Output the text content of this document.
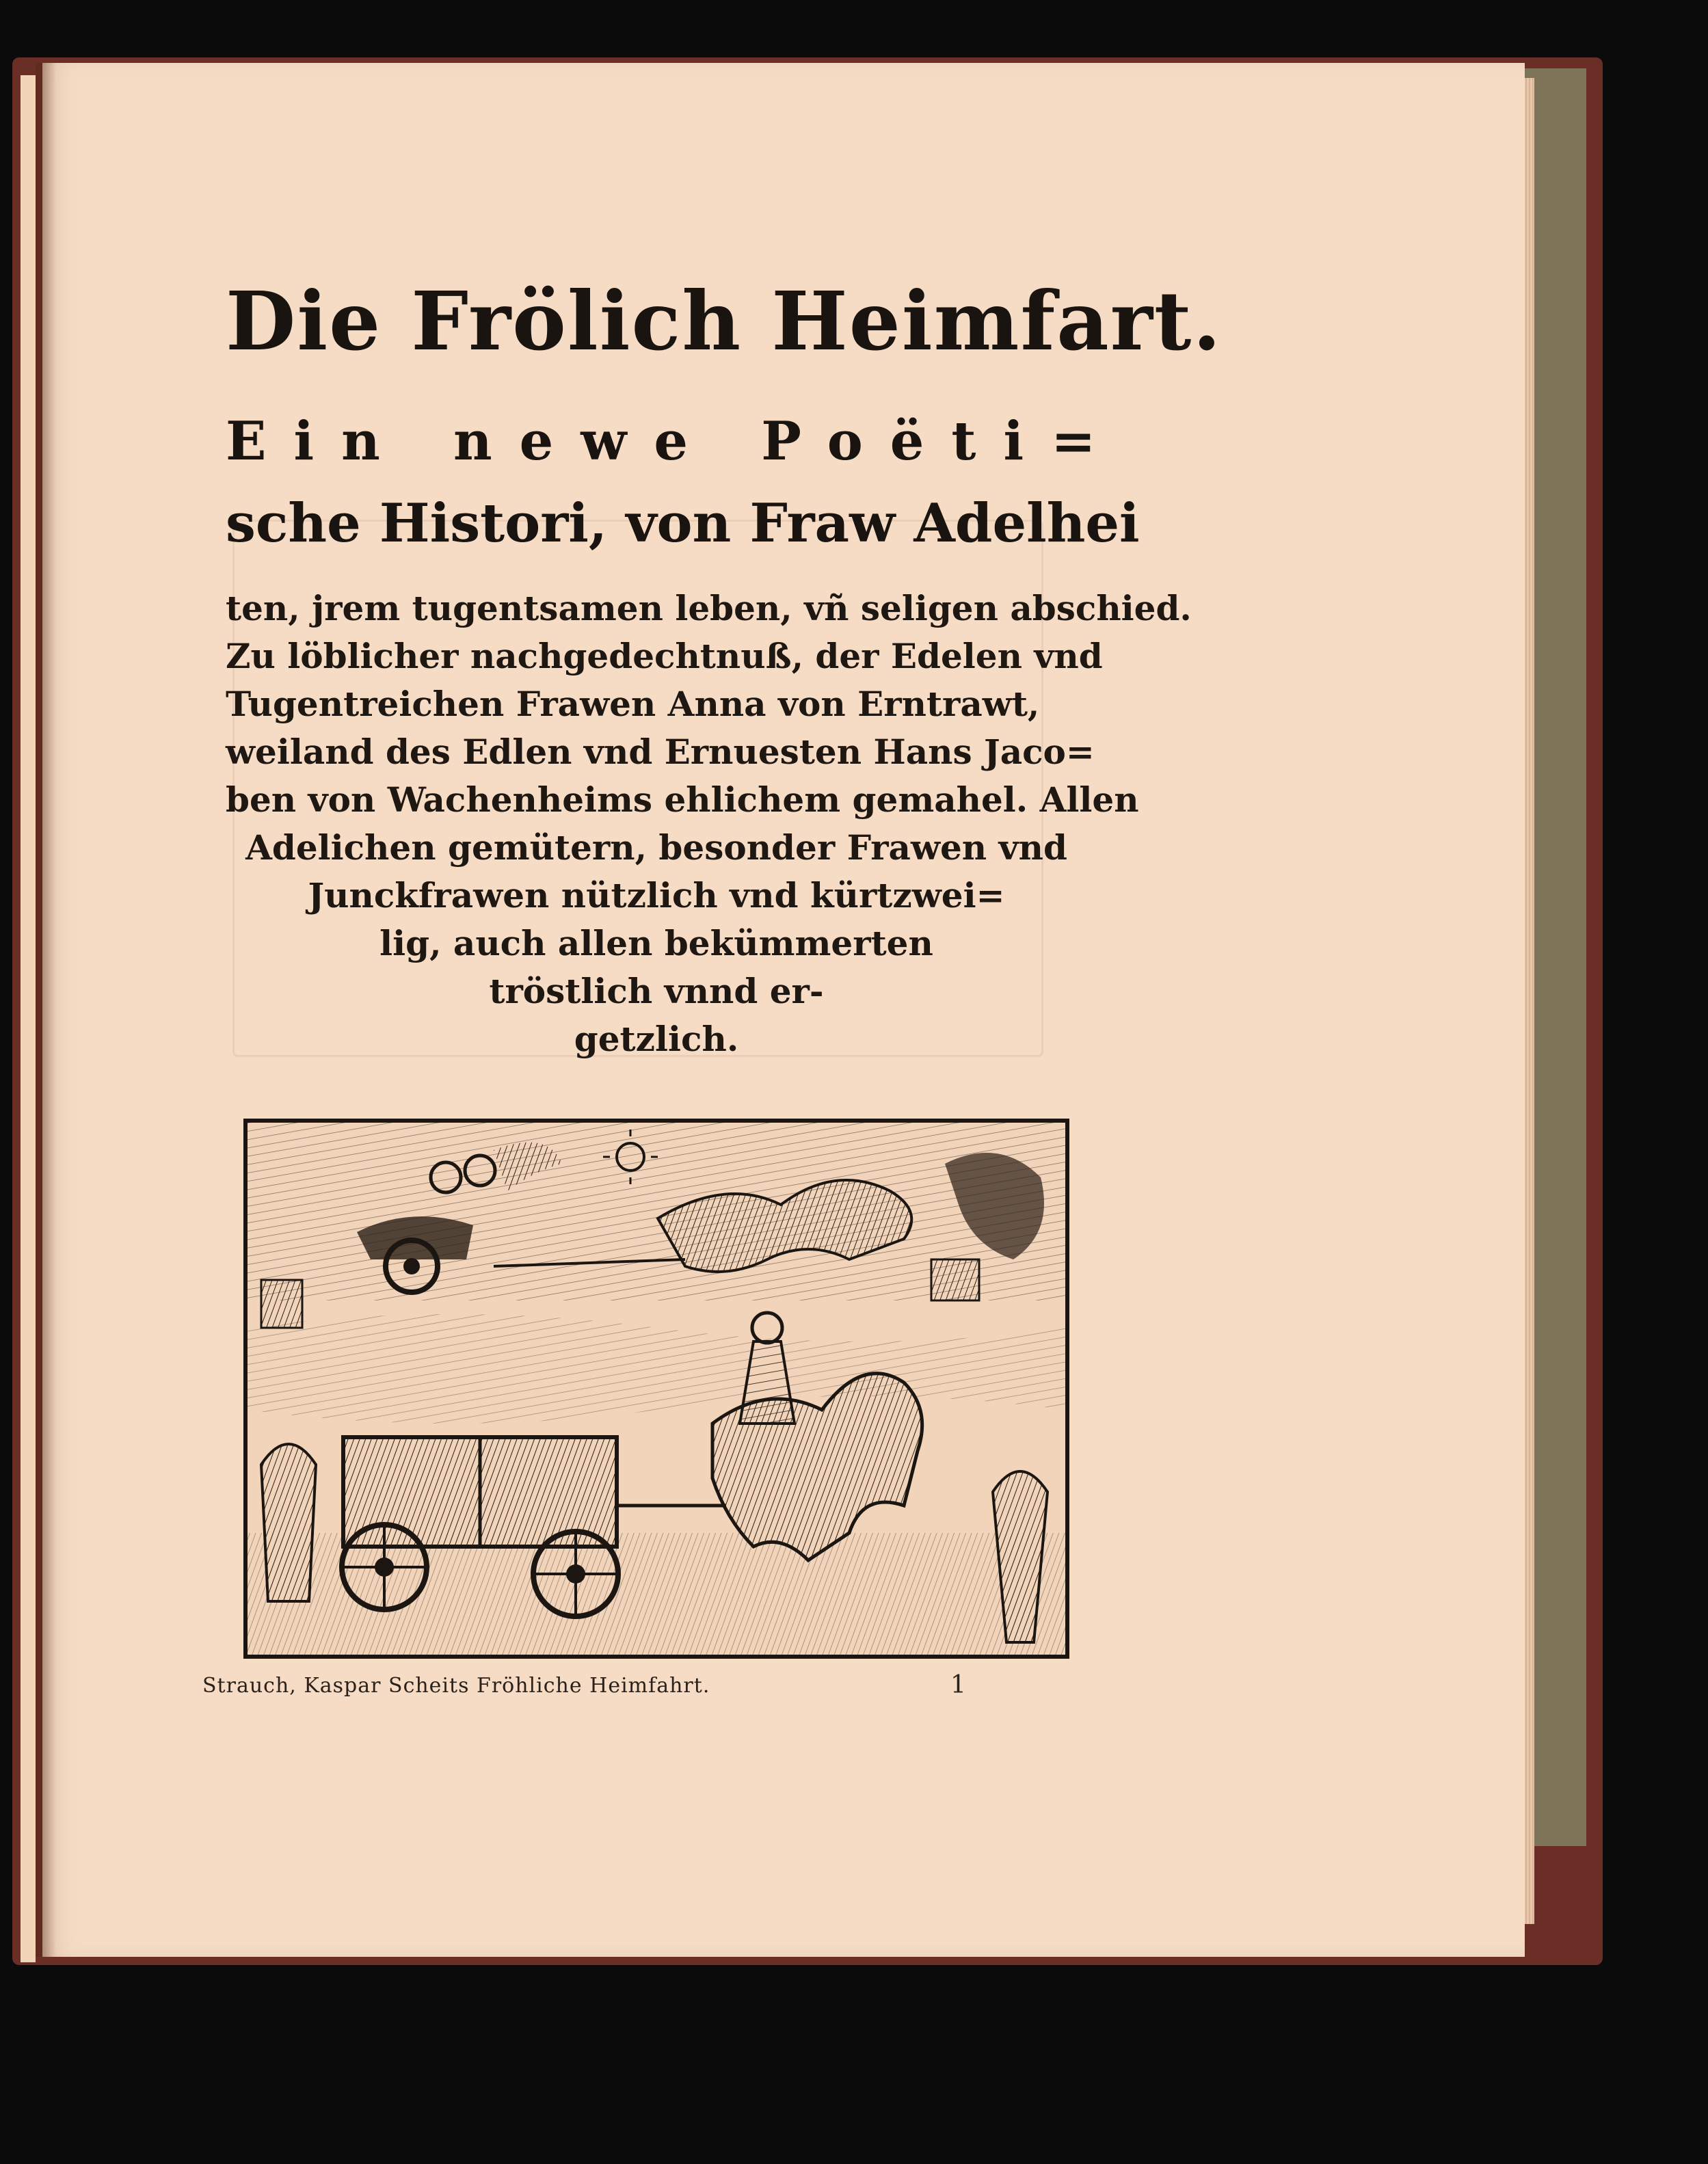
Die Frölich Heimfart.
Ein newe Poëti=
sche Histori, von Fraw Adelhei
ten, jrem tugentsamen leben, vñ seligen abschied.
Zu löblicher nachgedechtnuß, der Edelen vnd
Tugentreichen Frawen Anna von Erntrawt,
weiland des Edlen vnd Ernuesten Hans Jaco=
ben von Wachenheims ehlichem gemahel. Allen
Adelichen gemütern, besonder Frawen vnd
Junckfrawen nützlich vnd kürtzwei=
lig, auch allen bekümmerten
tröstlich vnnd er-
getzlich.
Strauch, Kaspar Scheits Fröhliche Heimfahrt.	1
